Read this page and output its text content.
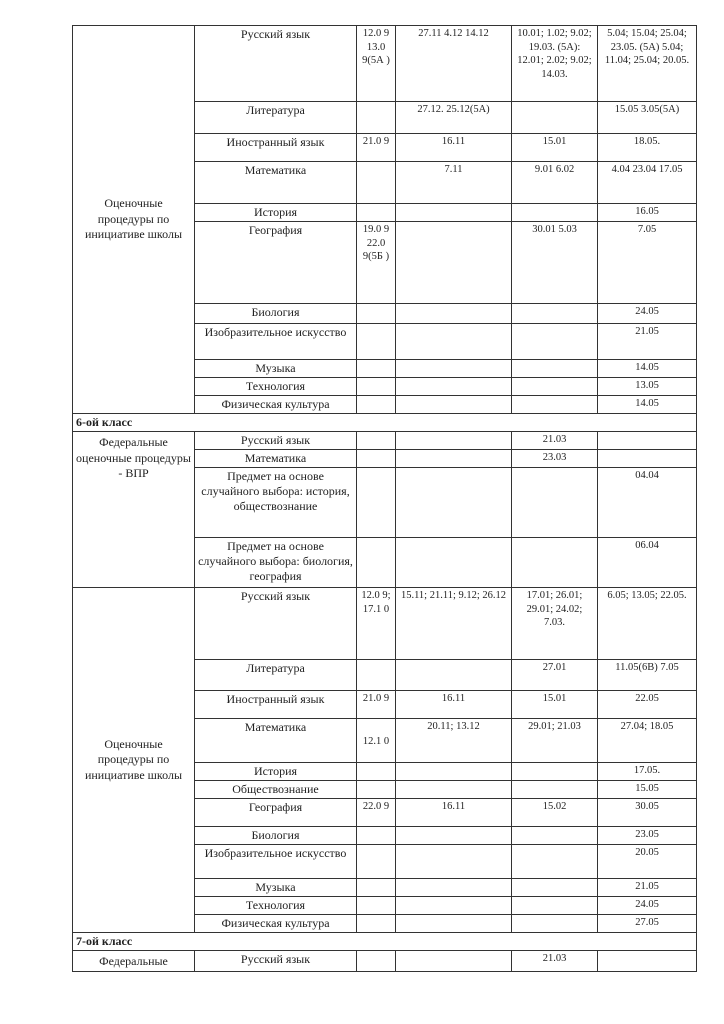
Оценочные процедуры по инициативе школы	Русский язык	12.0 9 13.0 9(5А )	27.11 4.12 14.12	10.01; 1.02; 9.02; 19.03. (5А): 12.01; 2.02; 9.02; 14.03.	5.04; 15.04; 25.04; 23.05. (5А) 5.04; 11.04; 25.04; 20.05.
	Литература		27.12. 25.12(5А)		15.05 3.05(5А)
	Иностранный язык	21.0 9	16.11	15.01	18.05.
	Математика		7.11	9.01 6.02	4.04 23.04 17.05
	История				16.05
	География	19.0 9 22.0 9(5Б )		30.01 5.03	7.05
	Биология				24.05
	Изобразительное искусство				21.05
	Музыка				14.05
	Технология				13.05
	Физическая культура				14.05
6-ой класс					
Федеральные оценочные процедуры - ВПР	Русский язык			21.03	
	Математика			23.03	
	Предмет на основе случайного выбора: история, обществознание				04.04
	Предмет на основе случайного выбора: биология, география				06.04
Оценочные процедуры по инициативе школы	Русский язык	12.0 9; 17.1 0	15.11; 21.11; 9.12; 26.12	17.01; 26.01; 29.01; 24.02; 7.03.	6.05; 13.05; 22.05.
	Литература			27.01	11.05(6В) 7.05
	Иностранный язык	21.0 9	16.11	15.01	22.05
	Математика	12.1 0	20.11; 13.12	29.01; 21.03	27.04; 18.05
	История				17.05.
	Обществознание				15.05
	География	22.0 9	16.11	15.02	30.05
	Биология				23.05
	Изобразительное искусство				20.05
	Музыка				21.05
	Технология				24.05
	Физическая культура				27.05
7-ой класс					
Федеральные	Русский язык			21.03	
